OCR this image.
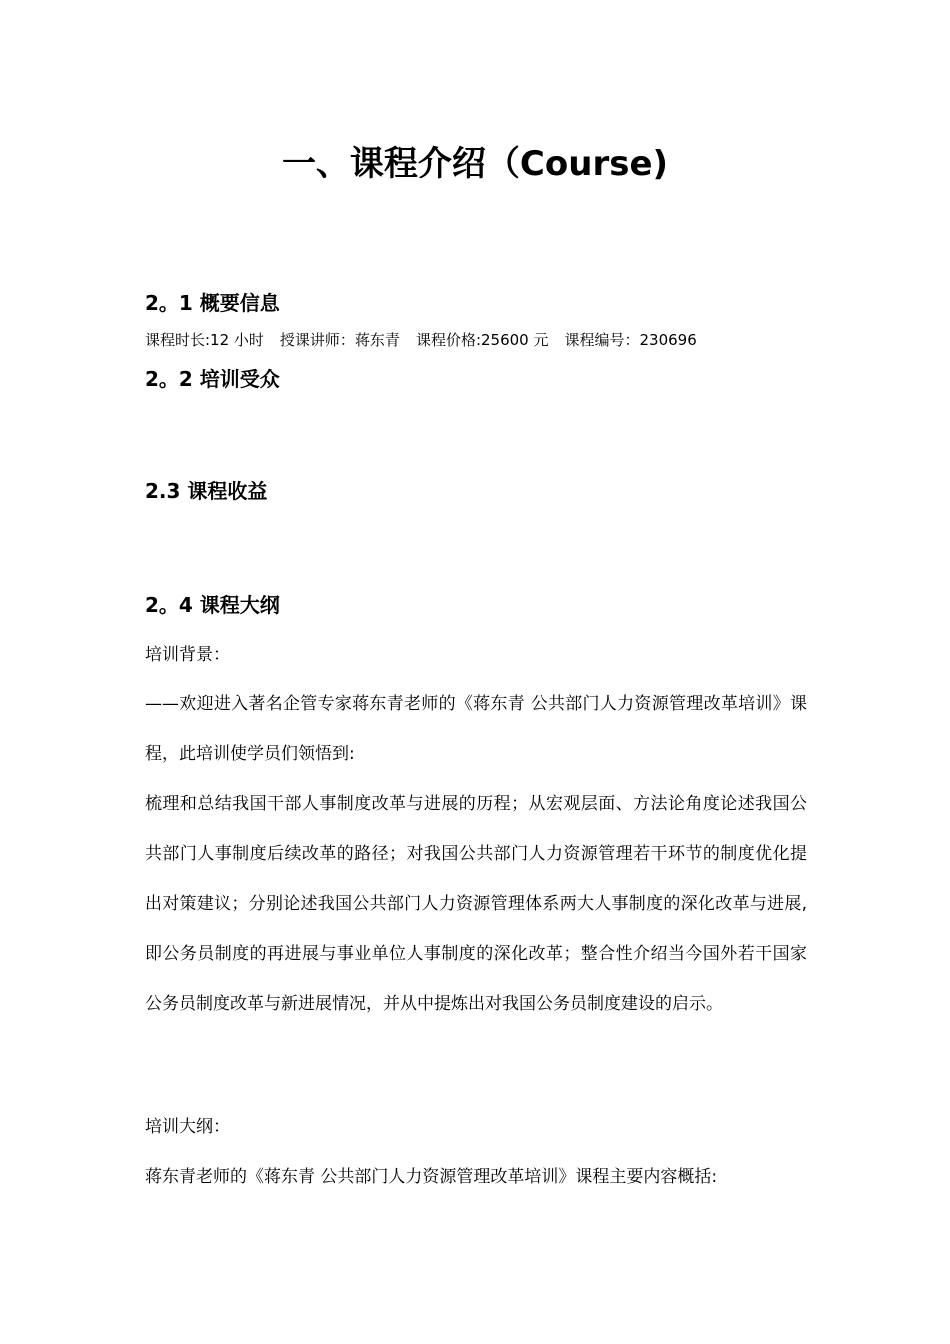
一、课程介绍（Course)
2。1 概要信息
课程时长:12 小时 授课讲师：蒋东青 课程价格:25600 元 课程编号：230696
2。2 培训受众
2.3 课程收益
2。4 课程大纲
培训背景：

——欢迎进入著名企管专家蒋东青老师的《蒋东青 公共部门人力资源管理改革培训》课程，此培训使学员们领悟到:

梳理和总结我国干部人事制度改革与进展的历程；从宏观层面、方法论角度论述我国公共部门人事制度后续改革的路径；对我国公共部门人力资源管理若干环节的制度优化提出对策建议；分别论述我国公共部门人力资源管理体系两大人事制度的深化改革与进展,即公务员制度的再进展与事业单位人事制度的深化改革；整合性介绍当今国外若干国家公务员制度改革与新进展情况，并从中提炼出对我国公务员制度建设的启示。

培训大纲：
蒋东青老师的《蒋东青 公共部门人力资源管理改革培训》课程主要内容概括:
